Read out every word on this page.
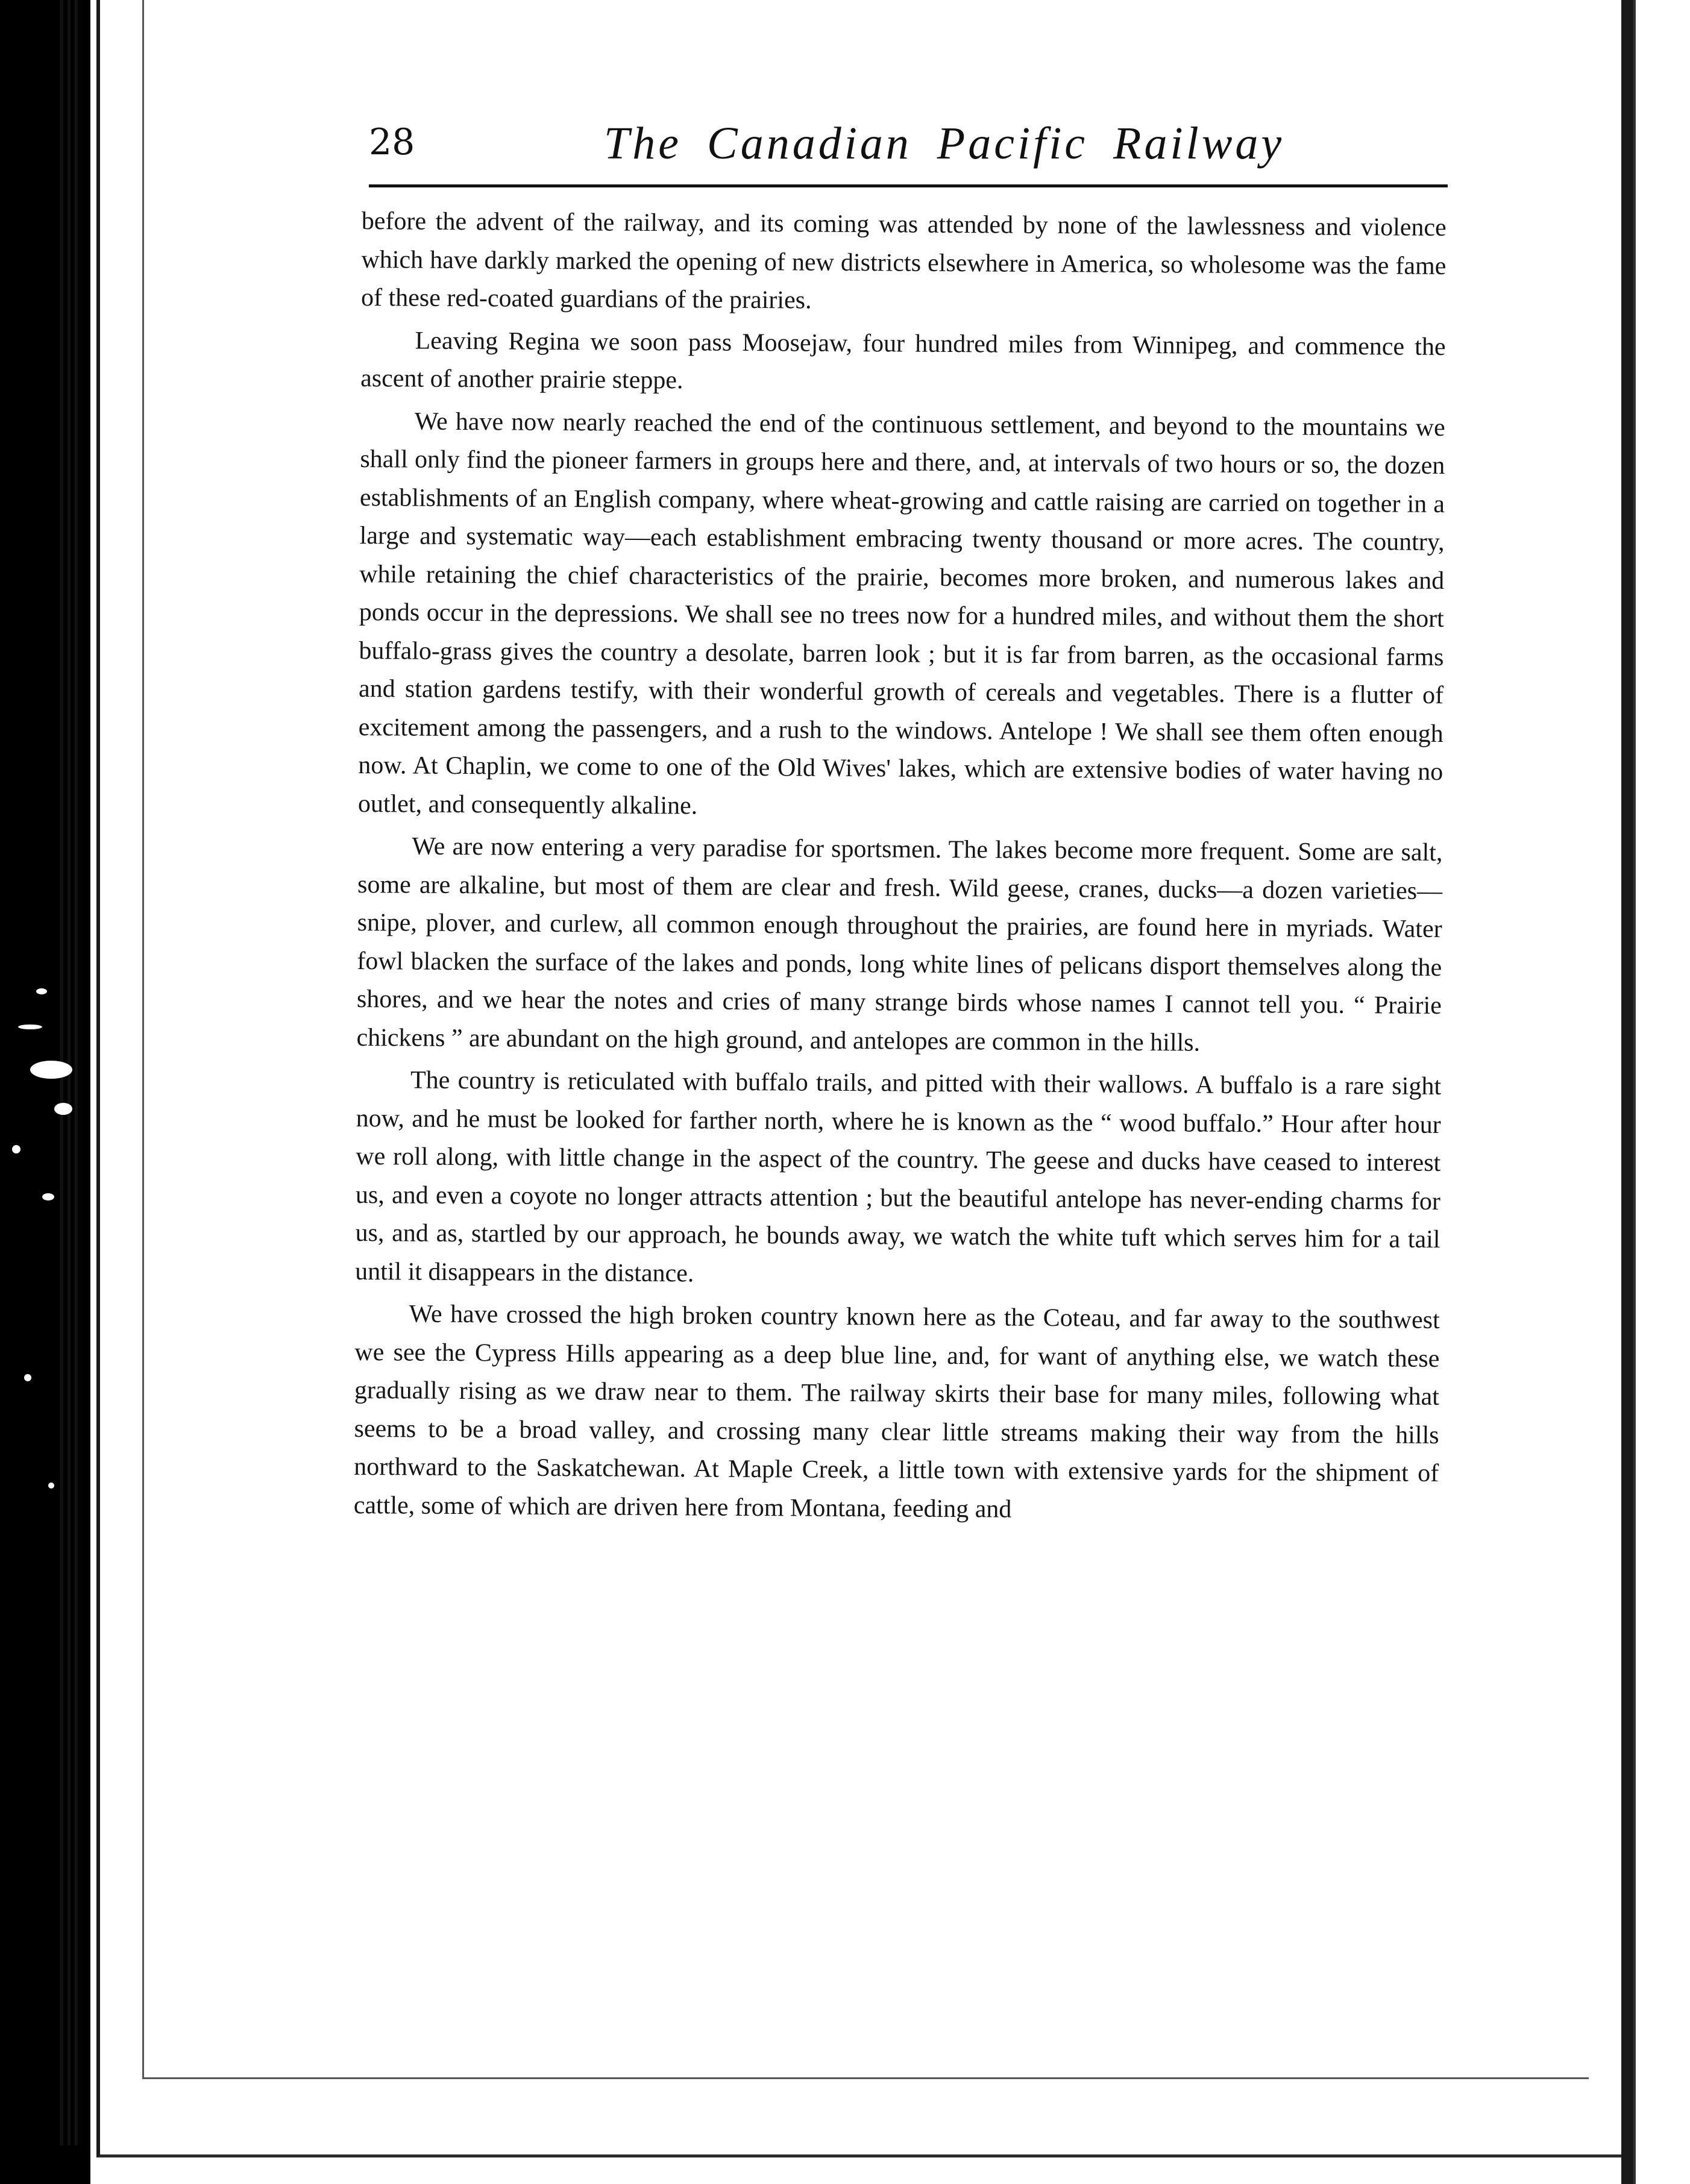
28	The Canadian Pacific Railway

before the advent of the railway, and its coming was attended by none of the lawlessness and violence which have darkly marked the opening of new districts elsewhere in America, so wholesome was the fame of these red-coated guardians of the prairies.

Leaving Regina we soon pass Moosejaw, four hundred miles from Winnipeg, and commence the ascent of another prairie steppe.

We have now nearly reached the end of the continuous settlement, and beyond to the mountains we shall only find the pioneer farmers in groups here and there, and, at intervals of two hours or so, the dozen establishments of an English company, where wheat-growing and cattle raising are carried on together in a large and systematic way—each establishment embracing twenty thousand or more acres. The country, while retaining the chief characteristics of the prairie, becomes more broken, and numerous lakes and ponds occur in the depressions. We shall see no trees now for a hundred miles, and without them the short buffalo-grass gives the country a desolate, barren look ; but it is far from barren, as the occasional farms and station gardens testify, with their wonderful growth of cereals and vegetables. There is a flutter of excitement among the passengers, and a rush to the windows. Antelope ! We shall see them often enough now. At Chaplin, we come to one of the Old Wives' lakes, which are extensive bodies of water having no outlet, and consequently alkaline.

We are now entering a very paradise for sportsmen. The lakes become more frequent. Some are salt, some are alkaline, but most of them are clear and fresh. Wild geese, cranes, ducks—a dozen varieties—snipe, plover, and curlew, all common enough throughout the prairies, are found here in myriads. Water fowl blacken the surface of the lakes and ponds, long white lines of pelicans disport themselves along the shores, and we hear the notes and cries of many strange birds whose names I cannot tell you. “ Prairie chickens ” are abundant on the high ground, and antelopes are common in the hills.

The country is reticulated with buffalo trails, and pitted with their wallows. A buffalo is a rare sight now, and he must be looked for farther north, where he is known as the “ wood buffalo.” Hour after hour we roll along, with little change in the aspect of the country. The geese and ducks have ceased to interest us, and even a coyote no longer attracts attention ; but the beautiful antelope has never-ending charms for us, and as, startled by our approach, he bounds away, we watch the white tuft which serves him for a tail until it disappears in the distance.

We have crossed the high broken country known here as the Coteau, and far away to the southwest we see the Cypress Hills appearing as a deep blue line, and, for want of anything else, we watch these gradually rising as we draw near to them. The railway skirts their base for many miles, following what seems to be a broad valley, and crossing many clear little streams making their way from the hills northward to the Saskatchewan. At Maple Creek, a little town with extensive yards for the shipment of cattle, some of which are driven here from Montana, feeding and
